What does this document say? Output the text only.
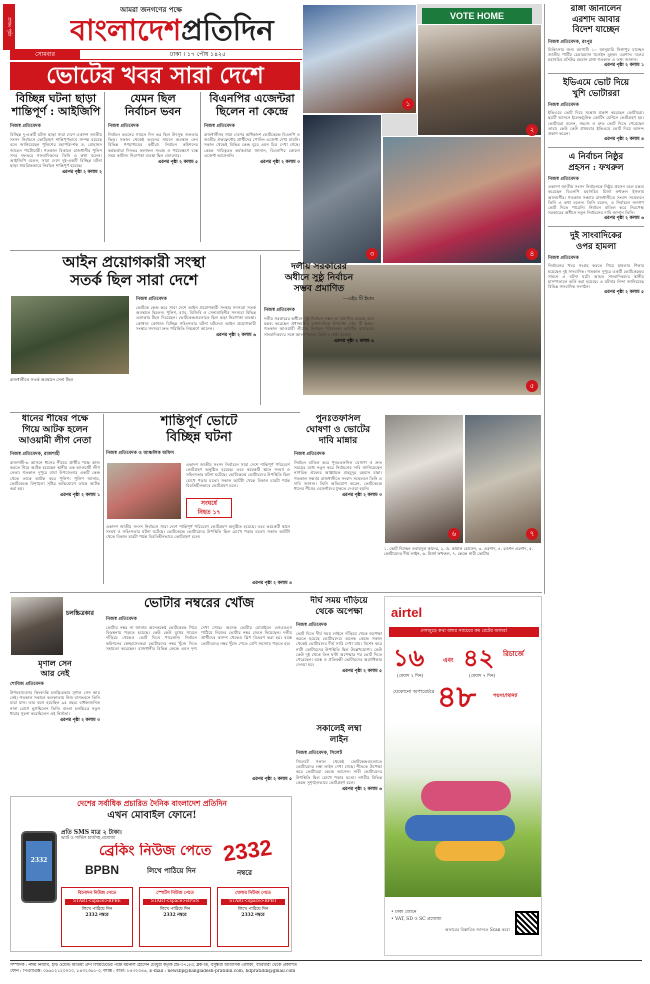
প্রথম পৃষ্ঠা
আমরা জনগণের পক্ষে
বাংলাদেশপ্রতিদিন
সোমবার	ঢাকা । ১৭ পৌষ ১৪২৫
ভোটের খবর সারা দেশে
VOTE HOME
১
২
৩	৪
৫
বিচ্ছিন্ন ঘটনা ছাড়া
শান্তিপূর্ণ : আইজিপি
নিজস্ব প্রতিবেদক
বিচ্ছিন্ন দু-একটি ঘটনা ছাড়া সারা দেশে একাদশ জাতীয় সংসদ নির্বাচনে ভোটগ্রহণ শান্তিপূর্ণভাবে সম্পন্ন হয়েছে বলে জানিয়েছেন পুলিশের মহাপরিদর্শক ড. মোহাম্মদ জাভেদ পাটোয়ারী। গতকাল বিকালে রাজধানীর পুলিশ সদর দফতরে সাংবাদিকদের তিনি এ কথা বলেন। আইজিপি বলেন, সারা দেশে দুই-একটি বিচ্ছিন্ন ঘটনা ছাড়া সামগ্রিকভাবে নির্বাচন শান্তিপূর্ণ হয়েছে।
এরপর পৃষ্ঠা ২ কলাম ২
যেমন ছিল
নির্বাচন ভবন
নিজস্ব প্রতিবেদক
নির্বাচন ভবনের সামনে দিন ভর ছিল উৎসুক জনতার ভিড়। সকাল থেকেই ভবনের সামনে অবস্থান নেন বিভিন্ন গণমাধ্যমের কর্মীরা। নির্বাচন কমিশনের কর্মকর্তারা দিনভর ফলাফল সংগ্রহ ও পর্যবেক্ষণে ব্যস্ত সময় কাটান। নিরাপত্তা ব্যবস্থা ছিল জোরদার।
এরপর পৃষ্ঠা ২ কলাম ৫
বিএনপির এজেন্টরা
ছিলেন না কেন্দ্রে
নিজস্ব প্রতিবেদক
রাজধানীসহ সারা দেশের অধিকাংশ ভোটকেন্দ্রে বিএনপি ও জাতীয় ঐক্যফ্রন্টের প্রার্থীদের পোলিং এজেন্ট দেখা যায়নি। সকাল থেকেই বিভিন্ন কেন্দ্র ঘুরে এমন চিত্র দেখা গেছে। কেন্দ্রে দায়িত্বরত কর্মকর্তারা জানান, বিএনপির কোনো এজেন্ট আসেননি।
এরপর পৃষ্ঠা ২ কলাম ৩
আইন প্রয়োগকারী সংস্থা
সতর্ক ছিল সারা দেশে
রাজধানীতে সতর্ক অবস্থানে সেনা টহল
নিজস্ব প্রতিবেদক
ভোটকে কেন্দ্র করে সারা দেশে আইন প্রয়োগকারী সংস্থার সদস্যরা সতর্ক অবস্থানে ছিলেন। পুলিশ, র‍্যাব, বিজিবি ও সেনাবাহিনীর সদস্যরা বিভিন্ন এলাকায় টহল দিয়েছেন। ভোটকেন্দ্রগুলোতে ছিল কড়া নিরাপত্তা ব্যবস্থা। কোথাও কোথাও বিচ্ছিন্ন সহিংসতার ঘটনা ঘটলেও আইন প্রয়োগকারী সংস্থার সদস্যরা দ্রুত পরিস্থিতি নিয়ন্ত্রণে আনেন।
এরপর পৃষ্ঠা ২ কলাম ৬
দলীয় সরকারের
অধীনে সুষ্ঠু নির্বাচন
সম্ভব প্রমাণিত
—এইচ টি ইমাম
নিজস্ব প্রতিবেদক
দলীয় সরকারের অধীনে সুষ্ঠু নির্বাচন সম্ভব তা প্রমাণিত হয়েছে বলে মন্তব্য করেছেন প্রধানমন্ত্রীর রাজনৈতিক উপদেষ্টা এইচ টি ইমাম। গতকাল আওয়ামী লীগের নির্বাচন পরিচালনা কমিটির কার্যালয়ে সাংবাদিকদের সঙ্গে আলাপকালে তিনি এ কথা বলেন।
এরপর পৃষ্ঠা ২ কলাম ৪
ধানের শীষের পক্ষে
গিয়ে আটক হলেন
আওয়ামী লীগ নেতা
নিজস্ব প্রতিবেদক, রাজশাহী
রাজশাহী-৬ আসনে ধানের শীষের প্রার্থীর পক্ষে কাজ করতে গিয়ে আটক হয়েছেন স্থানীয় এক আওয়ামী লীগ নেতা। গতকাল দুপুরে বাঘা উপজেলার একটি কেন্দ্র থেকে তাকে আটক করে পুলিশ। পুলিশ জানায়, ভোটকেন্দ্রে বিশৃঙ্খলা সৃষ্টির অভিযোগে তাকে আটক করা হয়।
এরপর পৃষ্ঠা ২ কলাম ১
শান্তিপূর্ণ ভোটে
বিচ্ছিন্ন ঘটনা
নিজস্ব প্রতিবেদক ও আঞ্চলিক অফিস
সংঘর্ষে
নিহত ১৭
একাদশ জাতীয় সংসদ নির্বাচনে সারা দেশে শান্তিপূর্ণ পরিবেশে ভোটগ্রহণ অনুষ্ঠিত হয়েছে। তবে কয়েকটি স্থানে সংঘর্ষ ও সহিংসতার ঘটনা ঘটেছে। ভোটকেন্দ্রে ভোটারদের উপস্থিতি ছিল চোখে পড়ার মতো। সকাল আটটা থেকে বিকাল চারটা পর্যন্ত বিরতিহীনভাবে ভোটগ্রহণ চলে।
একাদশ জাতীয় সংসদ নির্বাচনে সারা দেশে শান্তিপূর্ণ পরিবেশে ভোটগ্রহণ অনুষ্ঠিত হয়েছে। তবে কয়েকটি স্থানে সংঘর্ষ ও সহিংসতার ঘটনা ঘটেছে। ভোটকেন্দ্রে ভোটারদের উপস্থিতি ছিল চোখে পড়ার মতো। সকাল আটটা থেকে বিকাল চারটা পর্যন্ত বিরতিহীনভাবে ভোটগ্রহণ চলে।
এরপর পৃষ্ঠা ২ কলাম ৪
পুনঃতফসিল
ঘোষণা ও ভোটের
দাবি মান্নার
নিজস্ব প্রতিবেদক
নির্বাচন বাতিল করে পুনঃতফসিল ঘোষণা ও দ্রুত সময়ের মধ্যে নতুন করে নির্বাচনের দাবি জানিয়েছেন নাগরিক ঐক্যের আহ্বায়ক মাহমুদুর রহমান মান্না। গতকাল সন্ধ্যায় রাজধানীতে সংবাদ সম্মেলনে তিনি এ দাবি জানান। তিনি অভিযোগ করেন, ভোটকেন্দ্রে ধানের শীষের এজেন্টদের ঢুকতে দেওয়া হয়নি।
এরপর পৃষ্ঠা ২ কলাম ৩
৬	৭
১. ভোট দিচ্ছেন ওবায়দুল কাদের, ২. ড. কামাল হোসেন, ৩. এরশাদ, ৪. রওশন এরশাদ, ৫. ভোটারদের দীর্ঘ লাইন, ৬. মির্জা ফখরুল, ৭. কেন্দ্রে নারী ভোটার
ভোটার নম্বরের খোঁজ
নিজস্ব প্রতিবেদক
ভোটার নম্বর না জানায় অনেককেই ভোটকেন্দ্রে গিয়ে বিড়ম্বনায় পড়তে হয়েছে। কেউ কেউ বুথের সামনে দাঁড়িয়ে থেকেও ভোট দিতে পারেননি। নির্বাচন কমিশনের স্বেচ্ছাসেবকরা ভোটারদের নম্বর খুঁজে দিতে সহায়তা করেছেন। রাজধানীর বিভিন্ন কেন্দ্রে এমন দৃশ্য দেখা গেছে। অনেক ভোটার মোবাইলে এসএমএস পাঠিয়ে নিজের ভোটার নম্বর জেনে নিয়েছেন। দলীয় প্রার্থীদের ক্যাম্প থেকেও স্লিপ বিতরণ করা হয়। বয়স্ক ভোটারদের নম্বর খুঁজে পেতে বেশি সমস্যায় পড়তে হয়।
এরপর পৃষ্ঠা ২ কলাম ৫
চলচ্চিত্রকার
মৃণাল সেন
আর নেই
শোবিজ প্রতিবেদক
উপমহাদেশের কিংবদন্তি চলচ্চিত্রকার মৃণাল সেন আর নেই। গতকাল সকালে কলকাতায় নিজ বাসভবনে তিনি মারা যান। তার বয়স হয়েছিল ৯৫ বছর। বার্ধক্যজনিত নানা রোগে ভুগছিলেন তিনি। বাংলা চলচ্চিত্রে নতুন ধারার সূচনা করেছিলেন এই নির্মাতা।
এরপর পৃষ্ঠা ২ কলাম ৩
দীর্ঘ সময় দাঁড়িয়ে
থেকে অপেক্ষা
নিজস্ব প্রতিবেদক
ভোট দিতে দীর্ঘ সময় লাইনে দাঁড়িয়ে থেকে অপেক্ষা করতে হয়েছে ভোটারদের। অনেক কেন্দ্রে সকাল থেকেই ভোটারদের দীর্ঘ সারি দেখা যায়। বিশেষ করে নারী ভোটারদের উপস্থিতি ছিল উল্লেখযোগ্য। কেউ কেউ দুই থেকে তিন ঘণ্টা অপেক্ষার পর ভোট দিতে পেরেছেন। বয়স্ক ও প্রতিবন্ধী ভোটারদের অগ্রাধিকার দেওয়া হয়।
এরপর পৃষ্ঠা ২ কলাম ৫
সকালেই লম্বা
লাইন
নিজস্ব প্রতিবেদক, সিলেট
সিলেটে সকাল থেকেই ভোটকেন্দ্রগুলোতে ভোটারদের লম্বা লাইন দেখা গেছে। শীতকে উপেক্ষা করে ভোটাররা কেন্দ্রে আসেন। নারী ভোটারদের উপস্থিতি ছিল চোখে পড়ার মতো। নগরীর বিভিন্ন কেন্দ্রে সুশৃঙ্খলভাবে ভোটগ্রহণ চলে।
এরপর পৃষ্ঠা ২ কলাম ৬
airtel
দেশজুড়ে কথা বলার সবচেয়ে কম রেটের অফার!
১৬
(মেয়াদ ২ দিন)
এবং ৪২	রিচার্জে
(মেয়াদ ৭ দিন)
যেকোনো অপারেটরে ৪৮	পয়সা/মিনিট
• ঢাকা জোনে
• VAT, SD ও SC প্রযোজ্য
অফারের বিস্তারিত জানতে Scan করো
দেশের সর্বাধিক প্রচারিত দৈনিক বাংলাদেশ প্রতিদিন
এখন মোবাইল ফোনে!
2332
প্রতি SMS মাত্র ২ টাকা।
ভ্যাট ও সার্ভিস চার্জসহ প্রযোজ্য
ব্রেকিং নিউজ পেতে
BPBN	লিখে পাঠিয়ে দিন
2332
নম্বরে
বিনোদন নিউজ পেতে
START<space>BPBE
লিখে পাঠিয়ে দিন
2332 নম্বরে
স্পোর্টস নিউজ পেতে
START<space>BPSN
লিখে পাঠিয়ে দিন
2332 নম্বরে
খেলার নিউজ পেতে
START<space>BPBT
লিখে পাঠিয়ে দিন
2332 নম্বরে
রাঙ্গা জানালেন
এরশাদ আবার
বিদেশ যাচ্ছেন
নিজস্ব প্রতিবেদক, রংপুর
চিকিৎসার জন্য আগামী ১০ জানুয়ারি সিঙ্গাপুর যাচ্ছেন জাতীয় পার্টির চেয়ারম্যান হুসেইন মুহম্মদ এরশাদ। দলের মহাসচিব মসিউর রহমান রাঙ্গা গতকাল এ তথ্য জানান।
এরপর পৃষ্ঠা ২ কলাম ১
ইভিএমে ভোট দিয়ে
খুশি ভোটাররা
নিজস্ব প্রতিবেদক
ইভিএমে ভোট দিয়ে সন্তোষ প্রকাশ করেছেন ভোটাররা। ছয়টি আসনে ইলেকট্রনিক ভোটিং মেশিনে ভোটগ্রহণ হয়। ভোটাররা বলেন, সহজে ও দ্রুত ভোট দিতে পেরেছেন তারা। কেউ কেউ প্রথমবার ইভিএমে ভোট দিয়ে আনন্দ প্রকাশ করেন।
এরপর পৃষ্ঠা ২ কলাম ৪
এ নির্বাচন নিষ্ঠুর
প্রহসন : ফখরুল
নিজস্ব প্রতিবেদক
একাদশ জাতীয় সংসদ নির্বাচনকে নিষ্ঠুর প্রহসন বলে মন্তব্য করেছেন বিএনপি মহাসচিব মির্জা ফখরুল ইসলাম আলমগীর। গতকাল সন্ধ্যায় রাজধানীতে সংবাদ সম্মেলনে তিনি এ কথা বলেন। তিনি বলেন, এ নির্বাচনে জনগণ ভোট দিতে পারেনি। নির্বাচন বাতিল করে নিরপেক্ষ সরকারের অধীনে নতুন নির্বাচনের দাবি জানান তিনি।
এরপর পৃষ্ঠা ২ কলাম ৬
দুই সাংবাদিকের
ওপর হামলা
নিজস্ব প্রতিবেদক
নির্বাচনের খবর সংগ্রহ করতে গিয়ে হামলার শিকার হয়েছেন দুই সাংবাদিক। গতকাল দুপুরে একটি ভোটকেন্দ্রের সামনে এ ঘটনা ঘটে। আহত সাংবাদিকদের স্থানীয় হাসপাতালে ভর্তি করা হয়েছে। এ ঘটনার নিন্দা জানিয়েছে বিভিন্ন সাংবাদিক সংগঠন।
এরপর পৃষ্ঠা ২ কলাম ৫
সম্পাদক : নঈম নিজাম, ইস্ট ওয়েস্ট মিডিয়া গ্রুপ লিমিটেডের পক্ষে ময়নাল হোসেন চৌধুরী কর্তৃক প্লট-৩৭১/এ, ব্লক-ডি, বসুন্ধরা আবাসিক এলাকা, বারিধারা থেকে প্রকাশিত
ফোন : পিএবিএক্স: ০৯৬১২১২০০০০, ৮৪৩২৩৬১-৩, ফ্যাক্স : বার্তা: ৮৪৩২৩৪৬, E-mail : newsbp@bangladesh-pratidin.com, bdpratidin@gmail.com
